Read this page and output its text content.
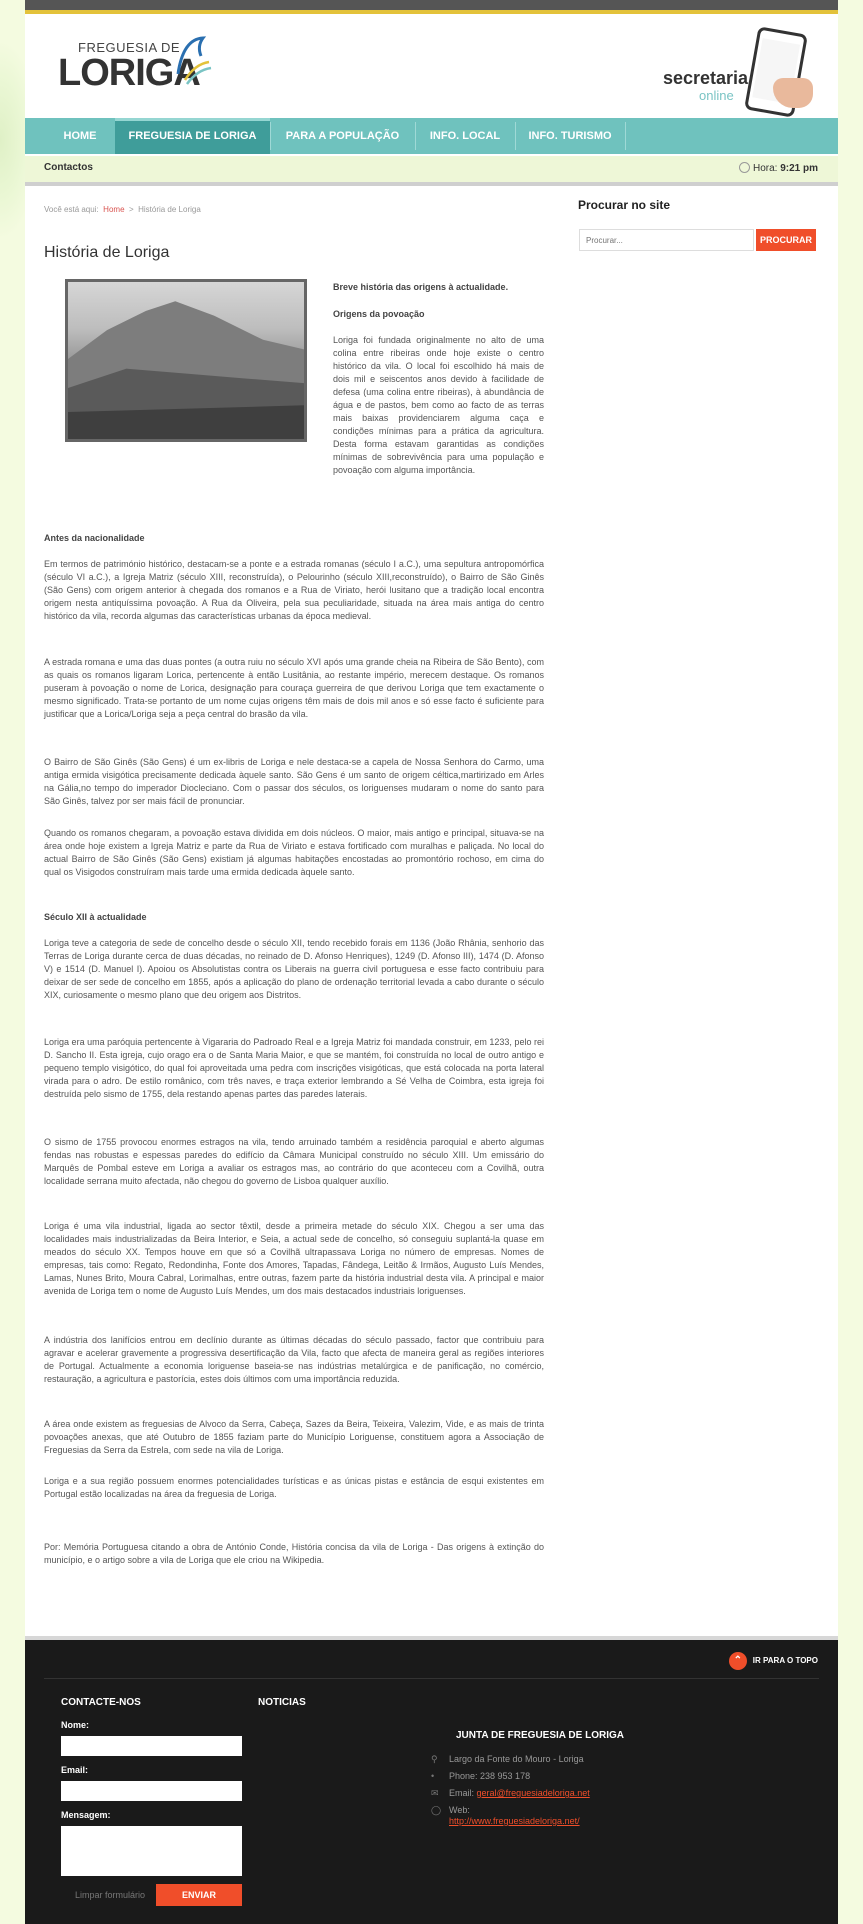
FREGUESIA DE
LORIGA	secretaria
online
HOME	FREGUESIA DE LORIGA	PARA A POPULAÇÃO	INFO. LOCAL	INFO. TURISMO
Contactos	Hora: 9:21 pm
Você está aqui: Home > História de Loriga
História de Loriga
Breve história das origens à actualidade.
Origens da povoação
Loriga foi fundada originalmente no alto de uma colina entre ribeiras onde hoje existe o centro histórico da vila. O local foi escolhido há mais de dois mil e seiscentos anos devido à facilidade de defesa (uma colina entre ribeiras), à abundância de água e de pastos, bem como ao facto de as terras mais baixas providenciarem alguma caça e condições mínimas para a prática da agricultura. Desta forma estavam garantidas as condições mínimas de sobrevivência para uma população e povoação com alguma importância.
Antes da nacionalidade
Em termos de património histórico, destacam-se a ponte e a estrada romanas (século I a.C.), uma sepultura antropomórfica (século VI a.C.), a Igreja Matriz (século XIII, reconstruída), o Pelourinho (século XIII,reconstruído), o Bairro de São Ginês (São Gens) com origem anterior à chegada dos romanos e a Rua de Viriato, herói lusitano que a tradição local encontra origem nesta antiquíssima povoação. A Rua da Oliveira, pela sua peculiaridade, situada na área mais antiga do centro histórico da vila, recorda algumas das características urbanas da época medieval.
A estrada romana e uma das duas pontes (a outra ruiu no século XVI após uma grande cheia na Ribeira de São Bento), com as quais os romanos ligaram Lorica, pertencente à então Lusitânia, ao restante império, merecem destaque. Os romanos puseram à povoação o nome de Lorica, designação para couraça guerreira de que derivou Loriga que tem exactamente o mesmo significado. Trata-se portanto de um nome cujas origens têm mais de dois mil anos e só esse facto é suficiente para justificar que a Lorica/Loriga seja a peça central do brasão da vila.
O Bairro de São Ginês (São Gens) é um ex-libris de Loriga e nele destaca-se a capela de Nossa Senhora do Carmo, uma antiga ermida visigótica precisamente dedicada àquele santo. São Gens é um santo de origem céltica,martirizado em Arles na Gália,no tempo do imperador Diocleciano. Com o passar dos séculos, os loriguenses mudaram o nome do santo para São Ginês, talvez por ser mais fácil de pronunciar.
Quando os romanos chegaram, a povoação estava dividida em dois núcleos. O maior, mais antigo e principal, situava-se na área onde hoje existem a Igreja Matriz e parte da Rua de Viriato e estava fortificado com muralhas e paliçada. No local do actual Bairro de São Ginês (São Gens) existiam já algumas habitações encostadas ao promontório rochoso, em cima do qual os Visigodos construíram mais tarde uma ermida dedicada àquele santo.
Século XII à actualidade
Loriga teve a categoria de sede de concelho desde o século XII, tendo recebido forais em 1136 (João Rhânia, senhorio das Terras de Loriga durante cerca de duas décadas, no reinado de D. Afonso Henriques), 1249 (D. Afonso III), 1474 (D. Afonso V) e 1514 (D. Manuel I). Apoiou os Absolutistas contra os Liberais na guerra civil portuguesa e esse facto contribuiu para deixar de ser sede de concelho em 1855, após a aplicação do plano de ordenação territorial levada a cabo durante o século XIX, curiosamente o mesmo plano que deu origem aos Distritos.
Loriga era uma paróquia pertencente à Vigararia do Padroado Real e a Igreja Matriz foi mandada construir, em 1233, pelo rei D. Sancho II. Esta igreja, cujo orago era o de Santa Maria Maior, e que se mantém, foi construída no local de outro antigo e pequeno templo visigótico, do qual foi aproveitada uma pedra com inscrições visigóticas, que está colocada na porta lateral virada para o adro. De estilo românico, com três naves, e traça exterior lembrando a Sé Velha de Coimbra, esta igreja foi destruída pelo sismo de 1755, dela restando apenas partes das paredes laterais.
O sismo de 1755 provocou enormes estragos na vila, tendo arruinado também a residência paroquial e aberto algumas fendas nas robustas e espessas paredes do edifício da Câmara Municipal construído no século XIII. Um emissário do Marquês de Pombal esteve em Loriga a avaliar os estragos mas, ao contrário do que aconteceu com a Covilhã, outra localidade serrana muito afectada, não chegou do governo de Lisboa qualquer auxílio.
Loriga é uma vila industrial, ligada ao sector têxtil, desde a primeira metade do século XIX. Chegou a ser uma das localidades mais industrializadas da Beira Interior, e Seia, a actual sede de concelho, só conseguiu suplantá-la quase em meados do século XX. Tempos houve em que só a Covilhã ultrapassava Loriga no número de empresas. Nomes de empresas, tais como: Regato, Redondinha, Fonte dos Amores, Tapadas, Fândega, Leitão & Irmãos, Augusto Luís Mendes, Lamas, Nunes Brito, Moura Cabral, Lorimalhas, entre outras, fazem parte da história industrial desta vila. A principal e maior avenida de Loriga tem o nome de Augusto Luís Mendes, um dos mais destacados industriais loriguenses.
A indústria dos lanifícios entrou em declínio durante as últimas décadas do século passado, factor que contribuiu para agravar e acelerar gravemente a progressiva desertificação da Vila, facto que afecta de maneira geral as regiões interiores de Portugal. Actualmente a economia loriguense baseia-se nas indústrias metalúrgica e de panificação, no comércio, restauração, a agricultura e pastorícia, estes dois últimos com uma importância reduzida.
A área onde existem as freguesias de Alvoco da Serra, Cabeça, Sazes da Beira, Teixeira, Valezim, Vide, e as mais de trinta povoações anexas, que até Outubro de 1855 faziam parte do Município Loriguense, constituem agora a Associação de Freguesias da Serra da Estrela, com sede na vila de Loriga.
Loriga e a sua região possuem enormes potencialidades turísticas e as únicas pistas e estância de esqui existentes em Portugal estão localizadas na área da freguesia de Loriga.
Por: Memória Portuguesa citando a obra de António Conde, História concisa da vila de Loriga - Das origens à extinção do município, e o artigo sobre a vila de Loriga que ele criou na Wikipedia.
Procurar no site
Procurar...
PROCURAR
⌃ IR PARA O TOPO
CONTACTE-NOS	NOTICIAS
JUNTA DE FREGUESIA DE LORIGA
Nome:
Email:
Mensagem:
Limpar formulário	ENVIAR
⚲ Largo da Fonte do Mouro - Loriga
• Phone: 238 953 178
✉ Email: geral@freguesiadeloriga.net
◯ Web:
http://www.freguesiadeloriga.net/
